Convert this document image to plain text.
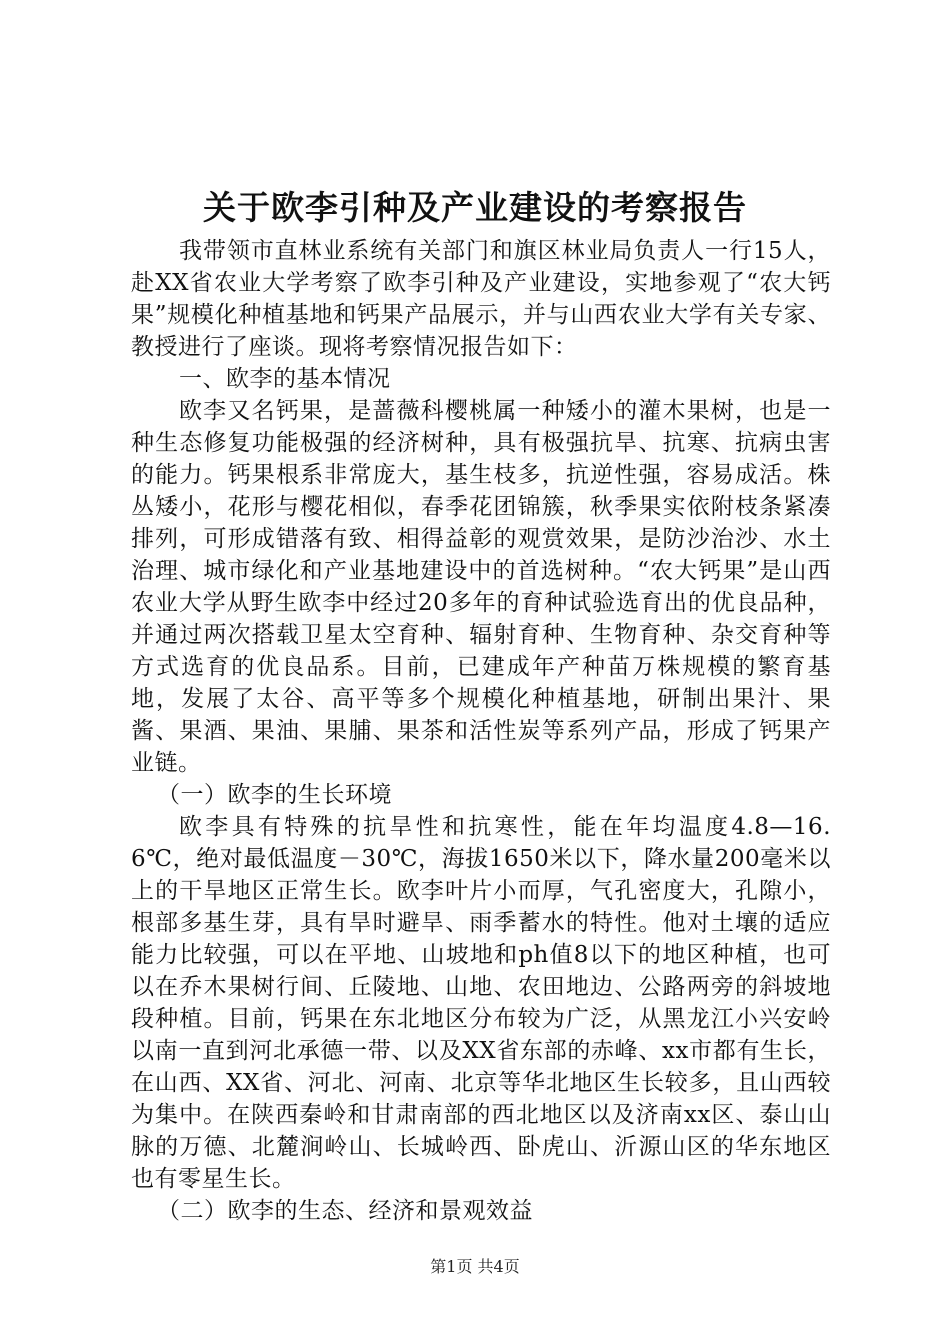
关于欧李引种及产业建设的考察报告

我带领市直林业系统有关部门和旗区林业局负责人一行15人，赴XX省农业大学考察了欧李引种及产业建设，实地参观了“农大钙果”规模化种植基地和钙果产品展示，并与山西农业大学有关专家、教授进行了座谈。现将考察情况报告如下：

一、欧李的基本情况

欧李又名钙果，是蔷薇科樱桃属一种矮小的灌木果树，也是一种生态修复功能极强的经济树种，具有极强抗旱、抗寒、抗病虫害的能力。钙果根系非常庞大，基生枝多，抗逆性强，容易成活。株丛矮小，花形与樱花相似，春季花团锦簇，秋季果实依附枝条紧凑排列，可形成错落有致、相得益彰的观赏效果，是防沙治沙、水土治理、城市绿化和产业基地建设中的首选树种。“农大钙果”是山西农业大学从野生欧李中经过20多年的育种试验选育出的优良品种，并通过两次搭载卫星太空育种、辐射育种、生物育种、杂交育种等方式选育的优良品系。目前，已建成年产种苗万株规模的繁育基地，发展了太谷、高平等多个规模化种植基地，研制出果汁、果酱、果酒、果油、果脯、果茶和活性炭等系列产品，形成了钙果产业链。

（一）欧李的生长环境

欧李具有特殊的抗旱性和抗寒性，能在年均温度4.8—16.6℃，绝对最低温度－30℃，海拔1650米以下，降水量200毫米以上的干旱地区正常生长。欧李叶片小而厚，气孔密度大，孔隙小，根部多基生芽，具有旱时避旱、雨季蓄水的特性。他对土壤的适应能力比较强，可以在平地、山坡地和ph值8以下的地区种植，也可以在乔木果树行间、丘陵地、山地、农田地边、公路两旁的斜坡地段种植。目前，钙果在东北地区分布较为广泛，从黑龙江小兴安岭以南一直到河北承德一带、以及XX省东部的赤峰、xx市都有生长，在山西、XX省、河北、河南、北京等华北地区生长较多，且山西较为集中。在陕西秦岭和甘肃南部的西北地区以及济南xx区、泰山山脉的万德、北麓涧岭山、长城岭西、卧虎山、沂源山区的华东地区也有零星生长。

（二）欧李的生态、经济和景观效益

第1页 共4页
